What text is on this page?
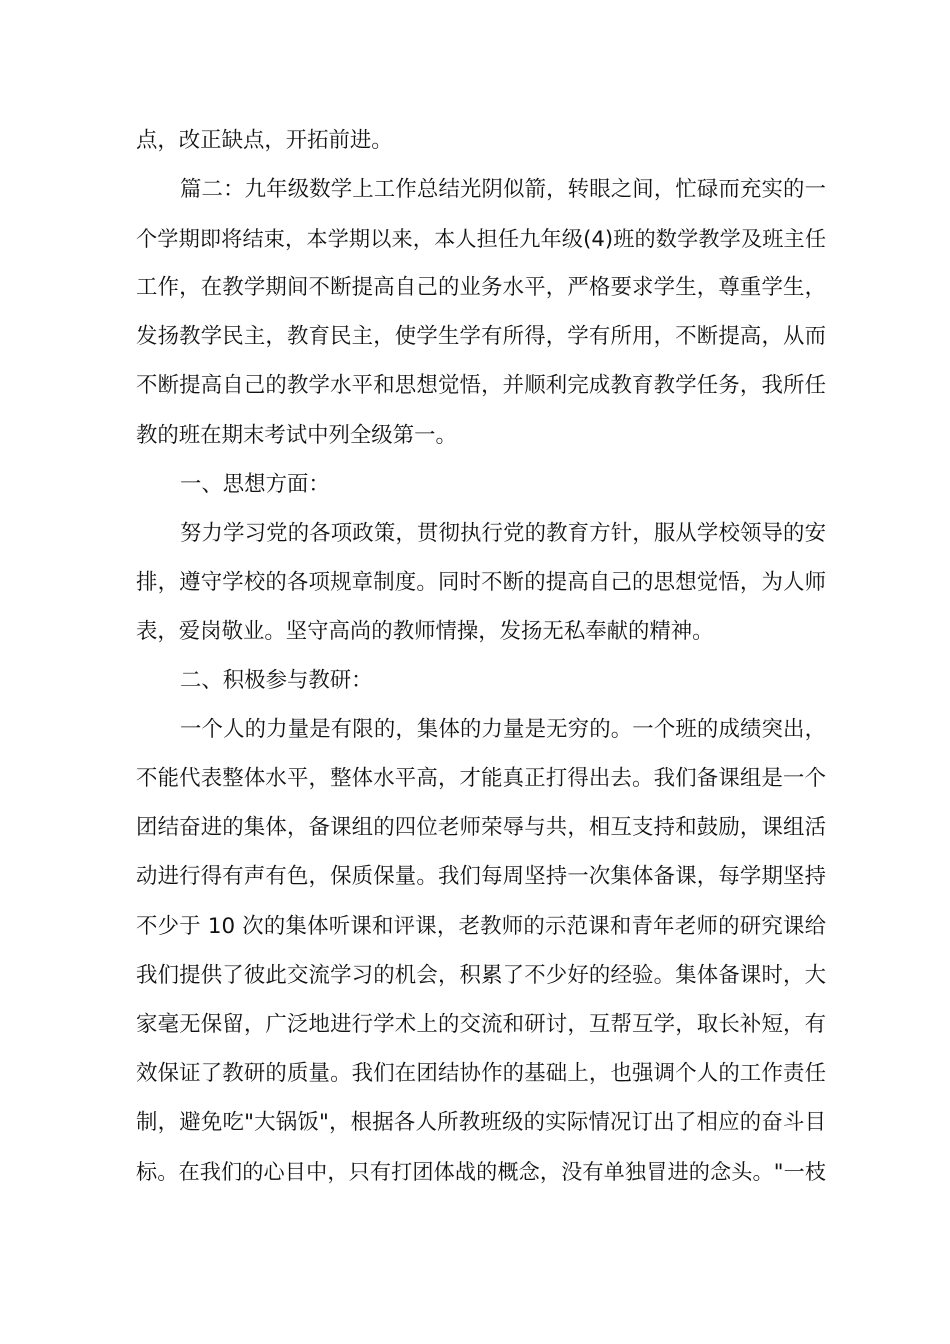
点，改正缺点，开拓前进。
篇二：九年级数学上工作总结光阴似箭，转眼之间，忙碌而充实的一
个学期即将结束，本学期以来，本人担任九年级(4)班的数学教学及班主任
工作，在教学期间不断提高自己的业务水平，严格要求学生，尊重学生，
发扬教学民主，教育民主，使学生学有所得，学有所用，不断提高，从而
不断提高自己的教学水平和思想觉悟，并顺利完成教育教学任务，我所任
教的班在期末考试中列全级第一。
一、思想方面：
努力学习党的各项政策，贯彻执行党的教育方针，服从学校领导的安
排，遵守学校的各项规章制度。同时不断的提高自己的思想觉悟，为人师
表，爱岗敬业。坚守高尚的教师情操，发扬无私奉献的精神。
二、积极参与教研：
一个人的力量是有限的，集体的力量是无穷的。一个班的成绩突出，
不能代表整体水平，整体水平高，才能真正打得出去。我们备课组是一个
团结奋进的集体，备课组的四位老师荣辱与共，相互支持和鼓励，课组活
动进行得有声有色，保质保量。我们每周坚持一次集体备课，每学期坚持
不少于 10 次的集体听课和评课，老教师的示范课和青年老师的研究课给
我们提供了彼此交流学习的机会，积累了不少好的经验。集体备课时，大
家毫无保留，广泛地进行学术上的交流和研讨，互帮互学，取长补短，有
效保证了教研的质量。我们在团结协作的基础上，也强调个人的工作责任
制，避免吃"大锅饭"，根据各人所教班级的实际情况订出了相应的奋斗目
标。在我们的心目中，只有打团体战的概念，没有单独冒进的念头。"一枝
